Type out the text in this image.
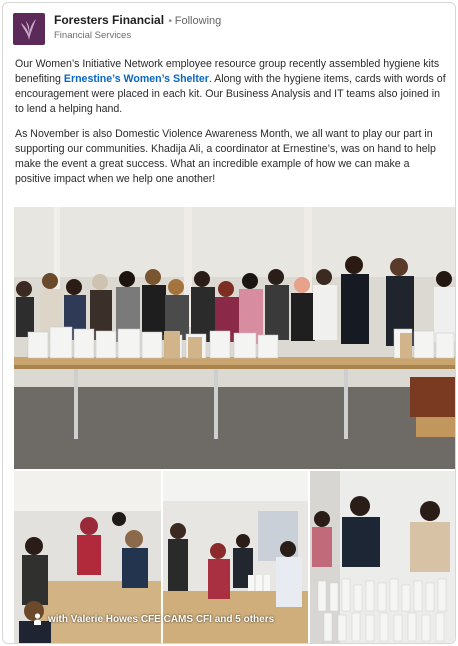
Foresters Financial • Following
Financial Services

Our Women’s Initiative Network employee resource group recently assembled hygiene kits benefiting Ernestine’s Women’s Shelter. Along with the hygiene items, cards with words of encouragement were placed in each kit. Our Business Analysis and IT teams also joined in to lend a helping hand.

As November is also Domestic Violence Awareness Month, we all want to play our part in supporting our communities. Khadija Ali, a coordinator at Ernestine’s, was on hand to help make the event a great success. What an incredible example of how we can make a positive impact when we help one another!

with Valerie Howes CFE CAMS CFI and 5 others
